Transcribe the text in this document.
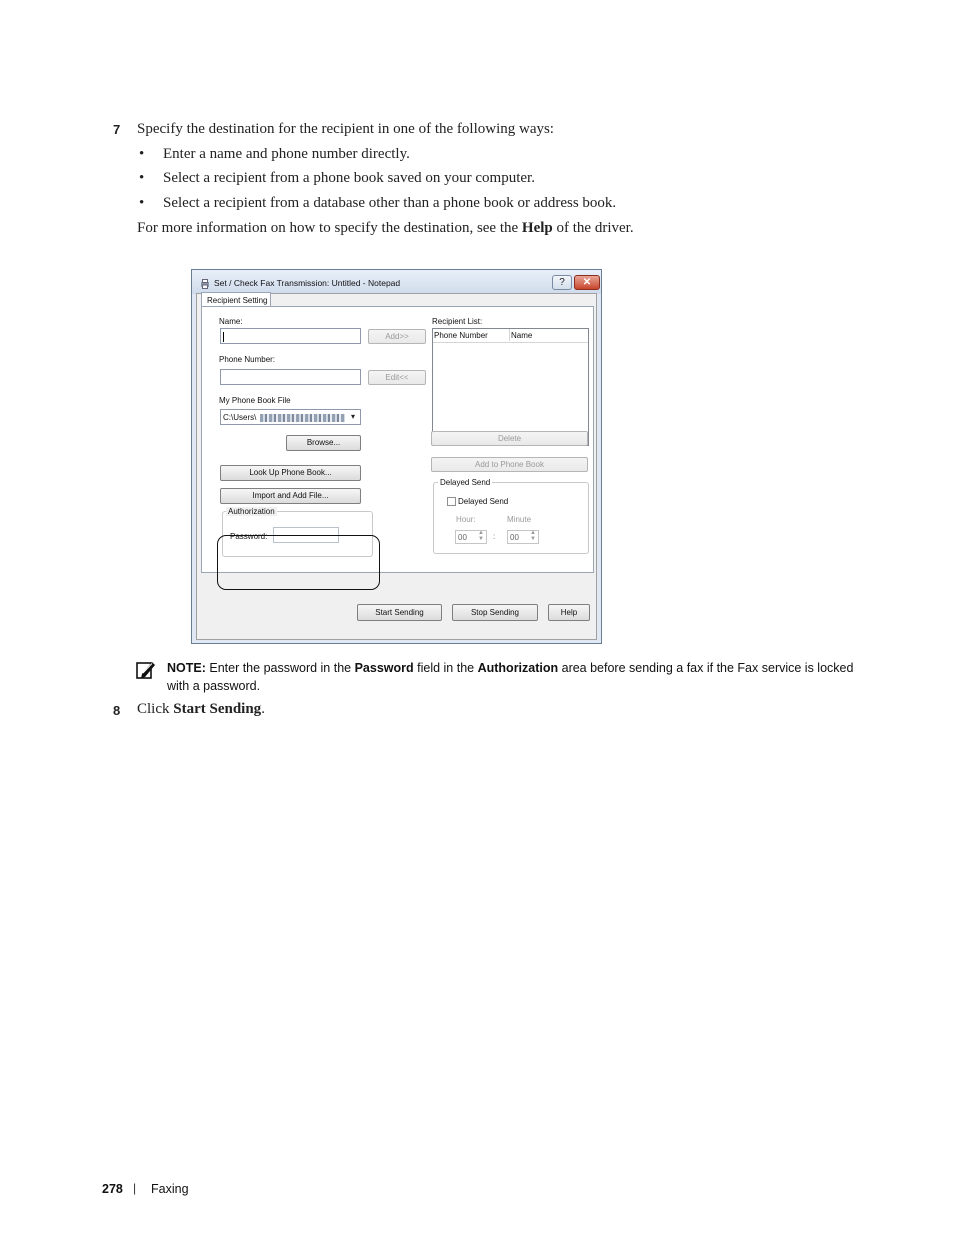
7 Specify the destination for the recipient in one of the following ways:
• Enter a name and phone number directly.
• Select a recipient from a phone book saved on your computer.
• Select a recipient from a database other than a phone book or address book.
For more information on how to specify the destination, see the Help of the driver.
Set / Check Fax Transmission: Untitled - Notepad	?	✕
Recipient Setting
Name:
Add>>
Phone Number:
Edit<<
My Phone Book File
C:\Users\	▾
Browse...
Look Up Phone Book...
Import and Add File...
Authorization
Password:
Recipient List:
Phone Number	Name
Delete
Add to Phone Book
Delayed Send
Delayed Send
Hour:	Minute
00 ▲
▼ : 00 ▲
▼
Start Sending	Stop Sending	Help
NOTE: Enter the password in the Password field in the Authorization area before sending a fax if the Fax service is locked
with a password.
8 Click Start Sending.
278 | Faxing
